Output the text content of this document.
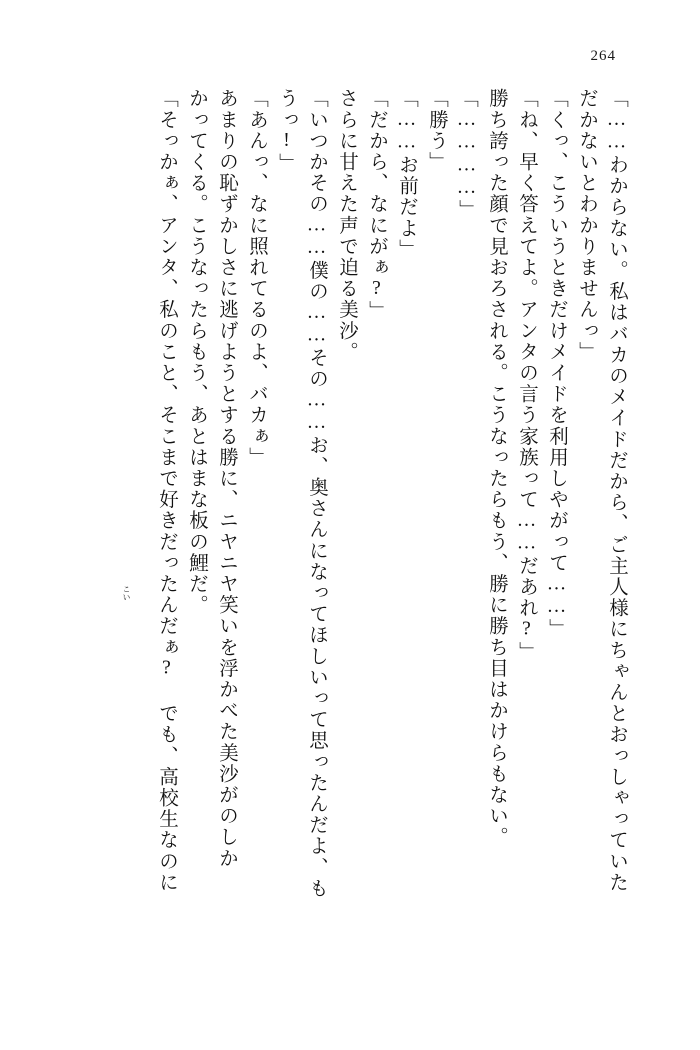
264
「……わからない。私はバカのメイドだから、ご主人様にちゃんとおっしゃっていた
だかないとわかりませんっ」
「くっ、こういうときだけメイドを利用しやがって……」
「ね、早く答えてよ。アンタの言う家族って……だあれ?」
勝ち誇った顔で見おろされる。こうなったらもう、勝に勝ち目はかけらもない。
「…………」
「勝う」
「……お前だよ」
「だから、なにがぁ?」
さらに甘えた声で迫る美沙。
「いつかその……僕の……その……お、奥さんになってほしいって思ったんだよ、も
うっ!」
「あんっ、なに照れてるのよ、バカぁ」
あまりの恥ずかしさに逃げようとする勝に、ニヤニヤ笑いを浮かべた美沙がのしか
かってくる。こうなったらもう、あとはまな板の鯉だ。
「そっかぁ、アンタ、私のこと、そこまで好きだったんだぁ? でも、高校生なのに
こい
